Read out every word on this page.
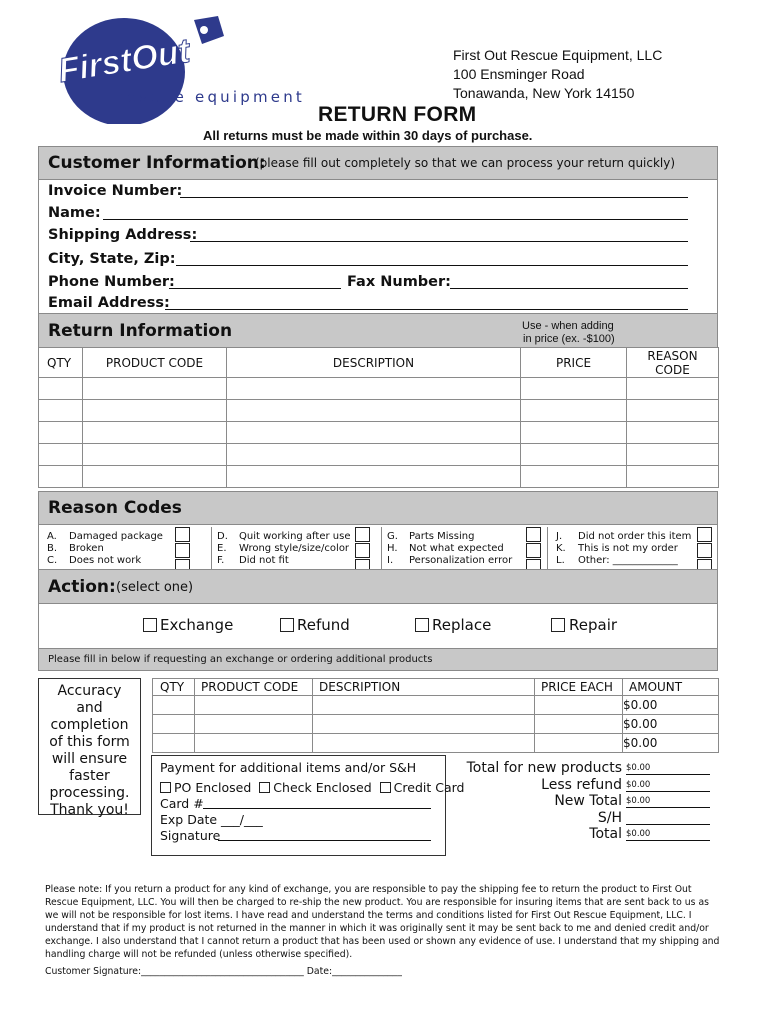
FirstOut
rescue equipment
First Out Rescue Equipment, LLC
100 Ensminger Road
Tonawanda, New York 14150
RETURN FORM
All returns must be made within 30 days of purchase.
Customer Information:
(please fill out completely so that we can process your return quickly)
Invoice Number:
Name:
Shipping Address:
City, State, Zip:
Phone Number:	Fax Number:
Email Address:
Return Information	Use - when adding
in price (ex. -$100)
QTY	PRODUCT CODE	DESCRIPTION	PRICE	REASON
CODE

Reason Codes
A. Damaged package
B. Broken
C. Does not work
D. Quit working after use
E. Wrong style/size/color
F. Did not fit
G. Parts Missing
H. Not what expected
I. Personalization error
J. Did not order this item
K. This is not my order
L. Other: _____________
Action: (select one)
Exchange	Refund	Replace	Repair
Please fill in below if requesting an exchange or ordering additional products
Accuracy and completion of this form will ensure faster processing. Thank you!
QTY	PRODUCT CODE	DESCRIPTION	PRICE EACH	AMOUNT
				$0.00
				$0.00
				$0.00
Payment for additional items and/or S&H
PO Enclosed Check Enclosed Credit Card
Card #
Exp Date ___/___
Signature
Total for new products $0.00
Less refund $0.00
New Total $0.00
S/H
Total $0.00
Please note: If you return a product for any kind of exchange, you are responsible to pay the shipping fee to return the product to First Out Rescue Equipment, LLC. You will then be charged to re-ship the new product. You are responsible for insuring items that are sent back to us as we will not be responsible for lost items. I have read and understand the terms and conditions listed for First Out Rescue Equipment, LLC. I understand that if my product is not returned in the manner in which it was originally sent it may be sent back to me and denied credit and/or exchange. I also understand that I cannot return a product that has been used or shown any evidence of use. I understand that my shipping and handling charge will not be refunded (unless otherwise specified).
Customer Signature:___________________________________ Date:_______________
